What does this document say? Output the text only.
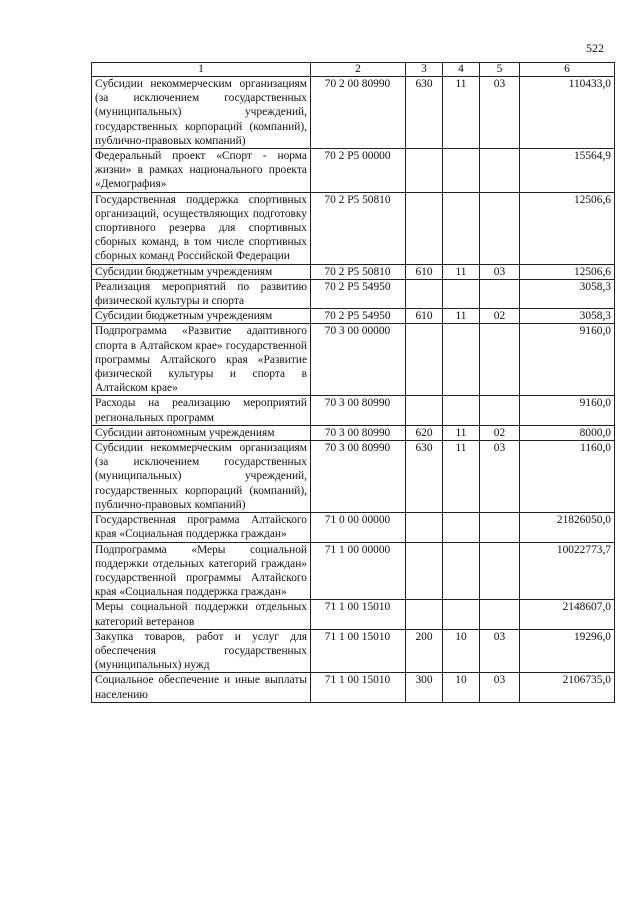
522
1	2	3	4	5	6
Субсидии некоммерческим организациям (за исключением государственных (муниципальных) учреждений, государственных корпораций (компаний), публично-правовых компаний)	70 2 00 80990	630	11	03	110433,0
Федеральный проект «Спорт - норма жизни» в рамках национального проекта «Демография»	70 2 P5 00000				15564,9
Государственная поддержка спортивных организаций, осуществляющих подготовку спортивного резерва для спортивных сборных команд, в том числе спортивных сборных команд Российской Федерации	70 2 P5 50810				12506,6
Субсидии бюджетным учреждениям	70 2 P5 50810	610	11	03	12506,6
Реализация мероприятий по развитию физической культуры и спорта	70 2 P5 54950				3058,3
Субсидии бюджетным учреждениям	70 2 P5 54950	610	11	02	3058,3
Подпрограмма «Развитие адаптивного спорта в Алтайском крае» государственной программы Алтайского края «Развитие физической культуры и спорта в Алтайском крае»	70 3 00 00000				9160,0
Расходы на реализацию мероприятий региональных программ	70 3 00 80990				9160,0
Субсидии автономным учреждениям	70 3 00 80990	620	11	02	8000,0
Субсидии некоммерческим организациям (за исключением государственных (муниципальных) учреждений, государственных корпораций (компаний), публично-правовых компаний)	70 3 00 80990	630	11	03	1160,0
Государственная программа Алтайского края «Социальная поддержка граждан»	71 0 00 00000				21826050,0
Подпрограмма «Меры социальной поддержки отдельных категорий граждан» государственной программы Алтайского края «Социальная поддержка граждан»	71 1 00 00000				10022773,7
Меры социальной поддержки отдельных категорий ветеранов	71 1 00 15010				2148607,0
Закупка товаров, работ и услуг для обеспечения государственных (муниципальных) нужд	71 1 00 15010	200	10	03	19296,0
Социальное обеспечение и иные выплаты населению	71 1 00 15010	300	10	03	2106735,0
